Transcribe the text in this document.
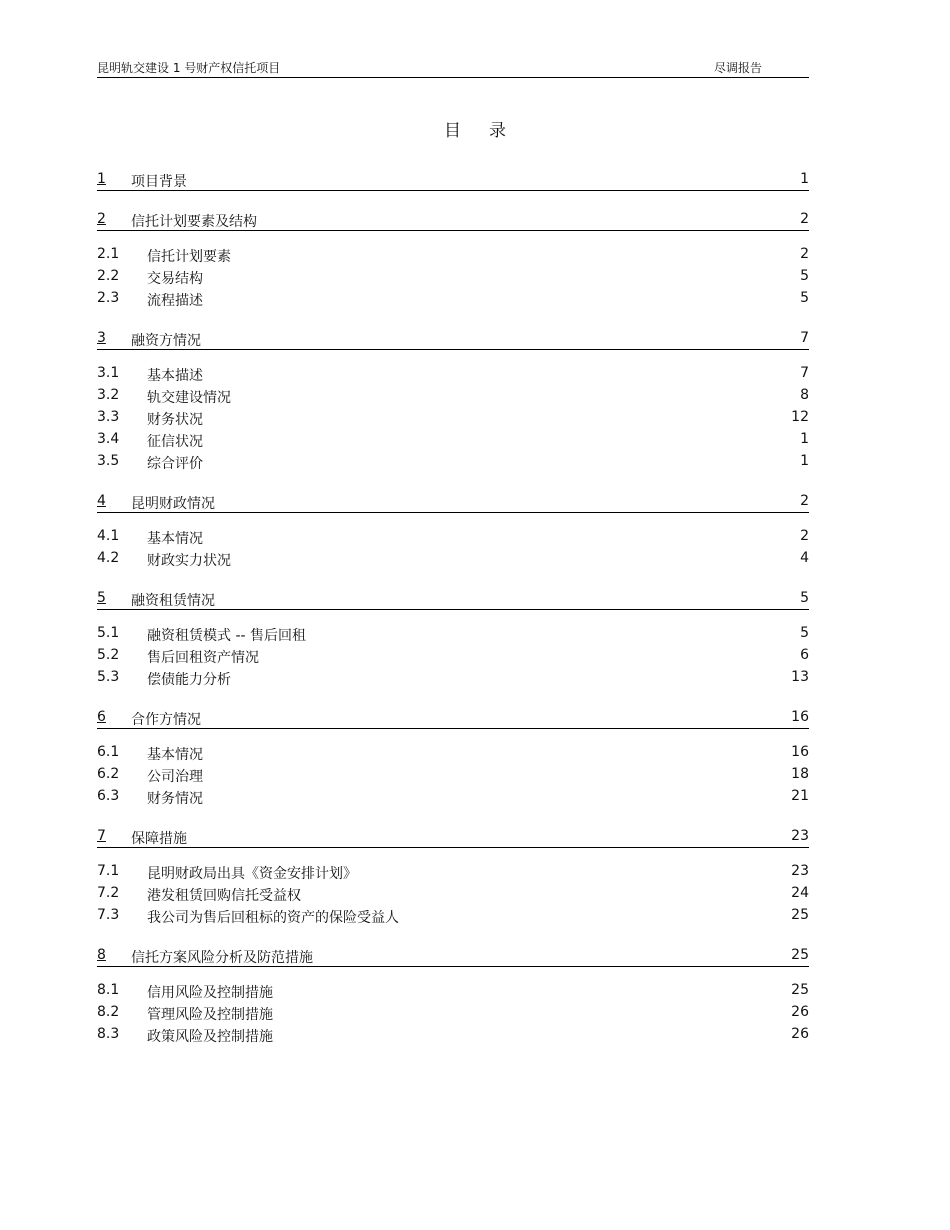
昆明轨交建设 1 号财产权信托项目	尽调报告
目录
1 项目背景	1
2 信托计划要素及结构	2
2.1 信托计划要素	2
2.2 交易结构	5
2.3 流程描述	5
3 融资方情况	7
3.1 基本描述	7
3.2 轨交建设情况	8
3.3 财务状况	12
3.4 征信状况	1
3.5 综合评价	1
4 昆明财政情况	2
4.1 基本情况	2
4.2 财政实力状况	4
5 融资租赁情况	5
5.1 融资租赁模式 -- 售后回租	5
5.2 售后回租资产情况	6
5.3 偿债能力分析	13
6 合作方情况	16
6.1 基本情况	16
6.2 公司治理	18
6.3 财务情况	21
7 保障措施	23
7.1 昆明财政局出具《资金安排计划》	23
7.2 港发租赁回购信托受益权	24
7.3 我公司为售后回租标的资产的保险受益人	25
8 信托方案风险分析及防范措施	25
8.1 信用风险及控制措施	25
8.2 管理风险及控制措施	26
8.3 政策风险及控制措施	26
